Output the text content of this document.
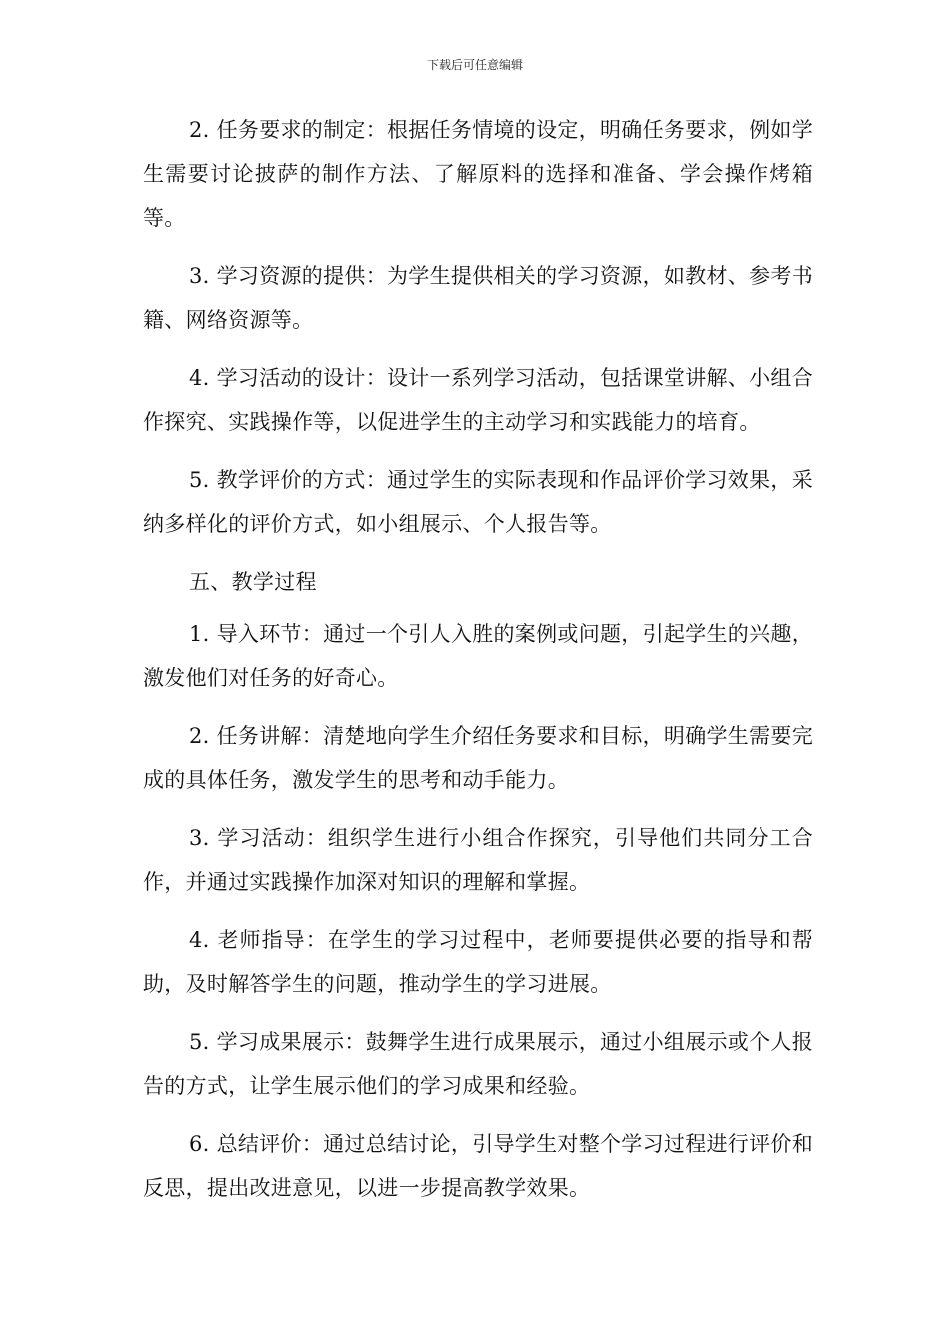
下载后可任意编辑

2. 任务要求的制定：根据任务情境的设定，明确任务要求，例如学生需要讨论披萨的制作方法、了解原料的选择和准备、学会操作烤箱等。

3. 学习资源的提供：为学生提供相关的学习资源，如教材、参考书籍、网络资源等。

4. 学习活动的设计：设计一系列学习活动，包括课堂讲解、小组合作探究、实践操作等，以促进学生的主动学习和实践能力的培育。

5. 教学评价的方式：通过学生的实际表现和作品评价学习效果，采纳多样化的评价方式，如小组展示、个人报告等。

五、教学过程

1. 导入环节：通过一个引人入胜的案例或问题，引起学生的兴趣，激发他们对任务的好奇心。

2. 任务讲解：清楚地向学生介绍任务要求和目标，明确学生需要完成的具体任务，激发学生的思考和动手能力。

3. 学习活动：组织学生进行小组合作探究，引导他们共同分工合作，并通过实践操作加深对知识的理解和掌握。

4. 老师指导：在学生的学习过程中，老师要提供必要的指导和帮助，及时解答学生的问题，推动学生的学习进展。

5. 学习成果展示：鼓舞学生进行成果展示，通过小组展示或个人报告的方式，让学生展示他们的学习成果和经验。

6. 总结评价：通过总结讨论，引导学生对整个学习过程进行评价和反思，提出改进意见，以进一步提高教学效果。
